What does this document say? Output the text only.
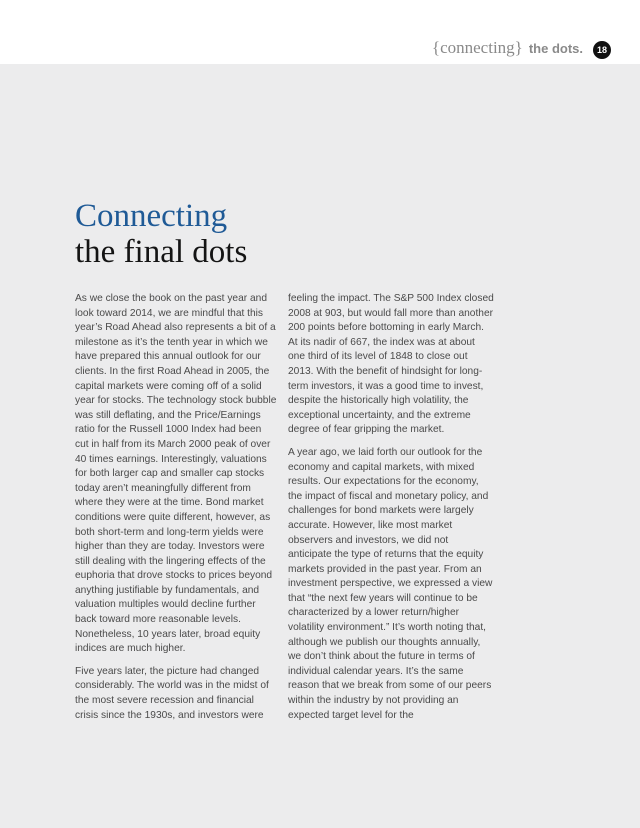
{connecting} the dots.	18
Connecting
the final dots

As we close the book on the past year and look toward 2014, we are mindful that this year’s Road Ahead also represents a bit of a milestone as it’s the tenth year in which we have prepared this annual outlook for our clients. In the first Road Ahead in 2005, the capital markets were coming off of a solid year for stocks. The technology stock bubble was still deflating, and the Price/Earnings ratio for the Russell 1000 Index had been cut in half from its March 2000 peak of over 40 times earnings. Interestingly, valuations for both larger cap and smaller cap stocks today aren’t meaningfully different from where they were at the time. Bond market conditions were quite different, however, as both short-term and long-term yields were higher than they are today. Investors were still dealing with the lingering effects of the euphoria that drove stocks to prices beyond anything justifiable by fundamentals, and valuation multiples would decline further back toward more reasonable levels. Nonetheless, 10 years later, broad equity indices are much higher.

Five years later, the picture had changed considerably. The world was in the midst of the most severe recession and financial crisis since the 1930s, and investors were

feeling the impact. The S&P 500 Index closed 2008 at 903, but would fall more than another 200 points before bottoming in early March. At its nadir of 667, the index was at about one third of its level of 1848 to close out 2013. With the benefit of hindsight for long-term investors, it was a good time to invest, despite the historically high volatility, the exceptional uncertainty, and the extreme degree of fear gripping the market.

A year ago, we laid forth our outlook for the economy and capital markets, with mixed results. Our expectations for the economy, the impact of fiscal and monetary policy, and challenges for bond markets were largely accurate. However, like most market observers and investors, we did not anticipate the type of returns that the equity markets provided in the past year. From an investment perspective, we expressed a view that “the next few years will continue to be characterized by a lower return/higher volatility environment.” It’s worth noting that, although we publish our thoughts annually, we don’t think about the future in terms of individual calendar years. It’s the same reason that we break from some of our peers within the industry by not providing an expected target level for the
